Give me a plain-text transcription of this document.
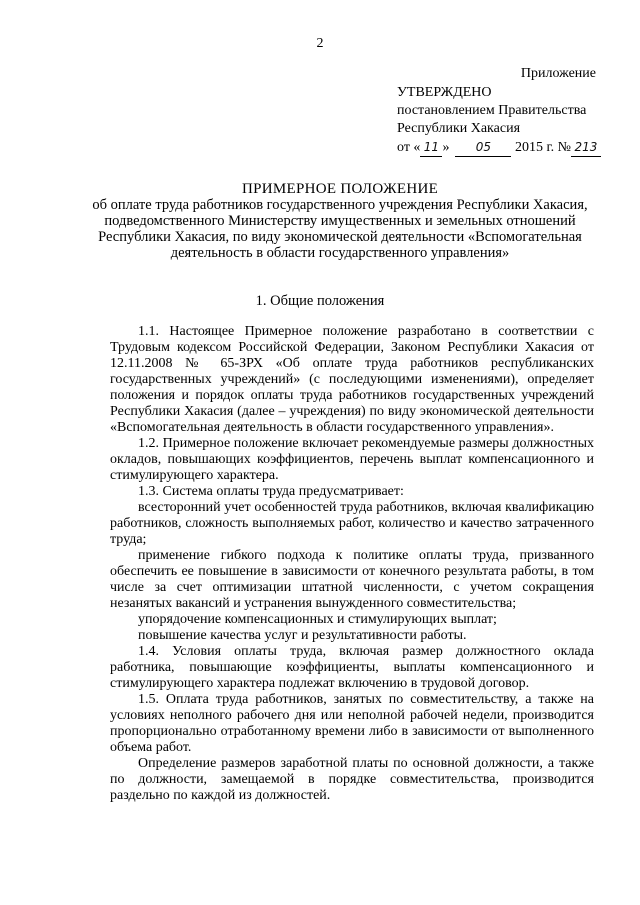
2
Приложение
УТВЕРЖДЕНО
постановлением Правительства
Республики Хакасия
от « 11 » 05 2015 г. № 213
ПРИМЕРНОЕ ПОЛОЖЕНИЕ
об оплате труда работников государственного учреждения Республики Хакасия, подведомственного Министерству имущественных и земельных отношений Республики Хакасия, по виду экономической деятельности «Вспомогательная деятельность в области государственного управления»
1. Общие положения

1.1. Настоящее Примерное положение разработано в соответствии с Трудовым кодексом Российской Федерации, Законом Республики Хакасия от 12.11.2008 № 65-ЗРХ «Об оплате труда работников республиканских государственных учреждений» (с последующими изменениями), определяет положения и порядок оплаты труда работников государственных учреждений Республики Хакасия (далее – учреждения) по виду экономической деятельности «Вспомогательная деятельность в области государственного управления».

1.2. Примерное положение включает рекомендуемые размеры должностных окладов, повышающих коэффициентов, перечень выплат компенсационного и стимулирующего характера.

1.3. Система оплаты труда предусматривает:

всесторонний учет особенностей труда работников, включая квалификацию работников, сложность выполняемых работ, количество и качество затраченного труда;

применение гибкого подхода к политике оплаты труда, призванного обеспечить ее повышение в зависимости от конечного результата работы, в том числе за счет оптимизации штатной численности, с учетом сокращения незанятых вакансий и устранения вынужденного совместительства;

упорядочение компенсационных и стимулирующих выплат;

повышение качества услуг и результативности работы.

1.4. Условия оплаты труда, включая размер должностного оклада работника, повышающие коэффициенты, выплаты компенсационного и стимулирующего характера подлежат включению в трудовой договор.

1.5. Оплата труда работников, занятых по совместительству, а также на условиях неполного рабочего дня или неполной рабочей недели, производится пропорционально отработанному времени либо в зависимости от выполненного объема работ.

Определение размеров заработной платы по основной должности, а также по должности, замещаемой в порядке совместительства, производится раздельно по каждой из должностей.
